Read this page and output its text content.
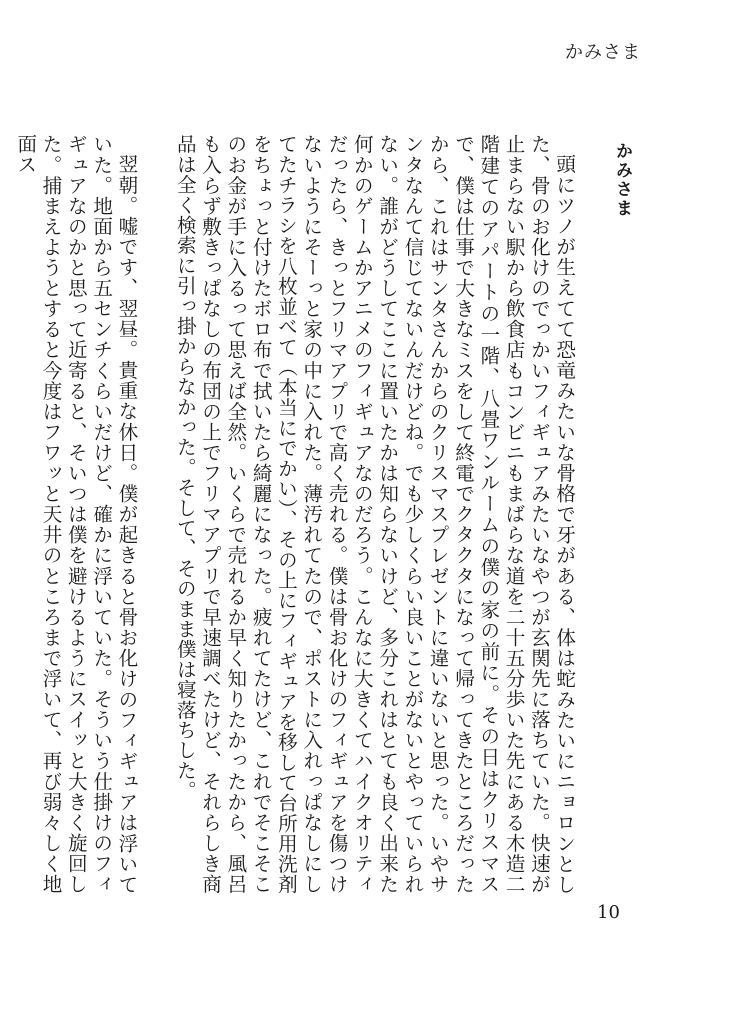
かみさま
かみさま

頭にツノが生えてて恐竜みたいな骨格で牙がある、体は蛇みたいにニョロンとした、骨のお化けのでっかいフィギュアみたいなやつが玄関先に落ちていた。快速が止まらない駅から飲食店もコンビニもまばらな道を二十五分歩いた先にある木造二階建てのアパートの一階、八畳ワンルームの僕の家の前に。その日はクリスマスで、僕は仕事で大きなミスをして終電でクタクタになって帰ってきたところだったから、これはサンタさんからのクリスマスプレゼントに違いないと思った。いやサンタなんて信じてないんだけどね。でも少しくらい良いことがないとやっていられない。誰がどうしてここに置いたかは知らないけど、多分これはとても良く出来た何かのゲームかアニメのフィギュアなのだろう。こんなに大きくてハイクオリティだったら、きっとフリマアプリで高く売れる。僕は骨お化けのフィギュアを傷つけないようにそーっと家の中に入れた。薄汚れてたので、ポストに入れっぱなしにしてたチラシを八枚並べて（本当にでかい）、その上にフィギュアを移して台所用洗剤をちょっと付けたボロ布で拭いたら綺麗になった。疲れてたけど、これでそこそこのお金が手に入るって思えば全然。いくらで売れるか早く知りたかったから、風呂も入らず敷きっぱなしの布団の上でフリマアプリで早速調べたけど、それらしき商品は全く検索に引っ掛からなかった。そして、そのまま僕は寝落ちした。

翌朝。嘘です、翌昼。貴重な休日。僕が起きると骨お化けのフィギュアは浮いていた。地面から五センチくらいだけど、確かに浮いていた。そういう仕掛けのフィギュアなのかと思って近寄ると、そいつは僕を避けるようにスイッと大きく旋回した。捕まえようとすると今度はフワッと天井のところまで浮いて、再び弱々しく地面ス

10
